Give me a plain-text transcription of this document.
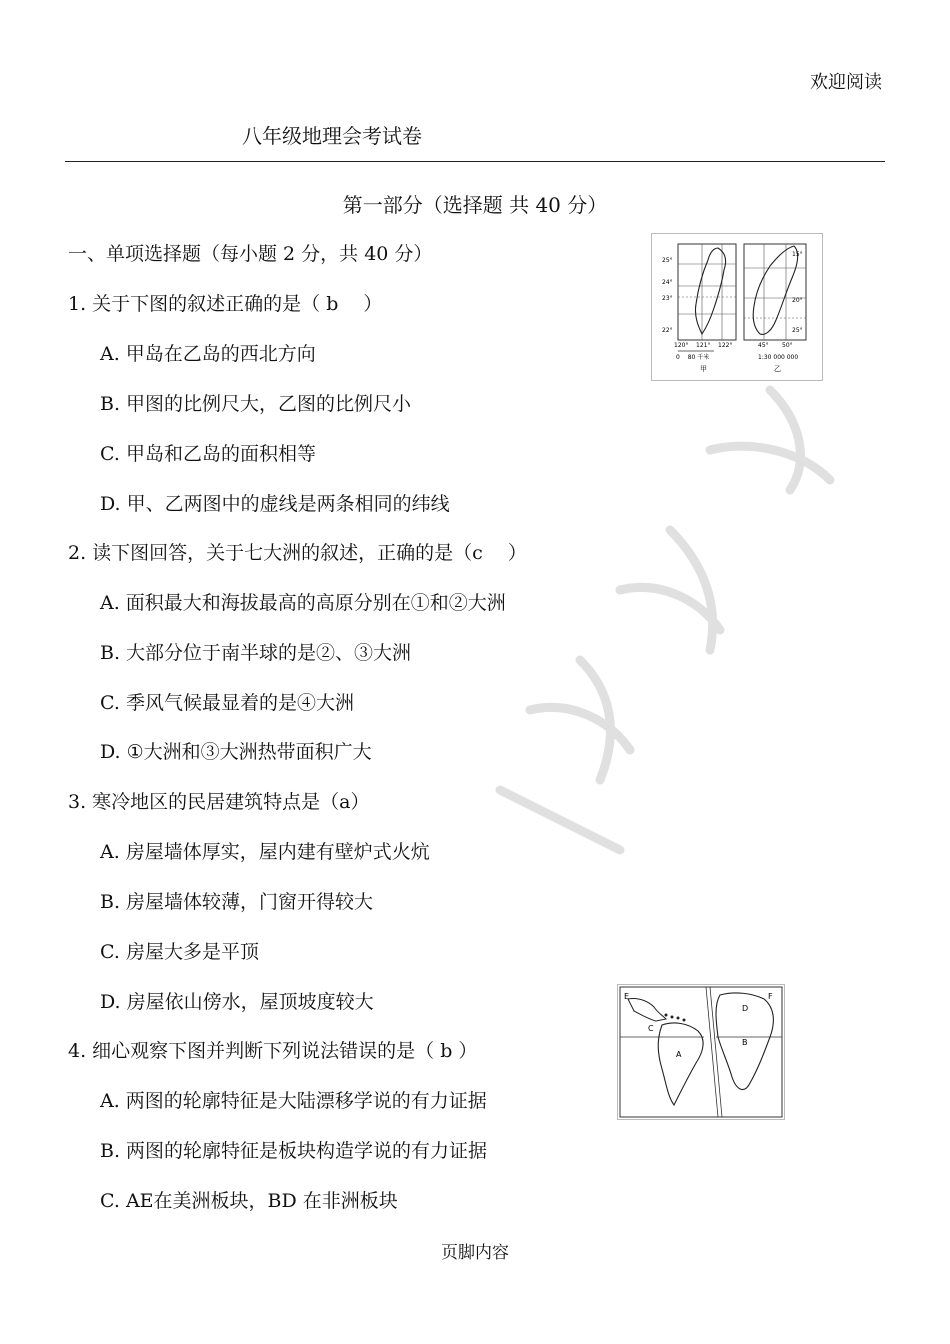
欢迎阅读
八年级地理会考试卷
第一部分（选择题 共 40 分）
一、单项选择题（每小题 2 分，共 40 分）
1. 关于下图的叙述正确的是（ b　 ）
A. 甲岛在乙岛的西北方向
B. 甲图的比例尺大，乙图的比例尺小
C. 甲岛和乙岛的面积相等
D. 甲、乙两图中的虚线是两条相同的纬线
2. 读下图回答，关于七大洲的叙述，正确的是（c　 ）
A. 面积最大和海拔最高的高原分别在①和②大洲
B. 大部分位于南半球的是②、③大洲
C. 季风气候最显着的是④大洲
D. ①大洲和③大洲热带面积广大
3. 寒冷地区的民居建筑特点是（a）
A. 房屋墙体厚实，屋内建有壁炉式火炕
B. 房屋墙体较薄，门窗开得较大
C. 房屋大多是平顶
D. 房屋依山傍水，屋顶坡度较大
4. 细心观察下图并判断下列说法错误的是（ b ）
A. 两图的轮廓特征是大陆漂移学说的有力证据
B. 两图的轮廓特征是板块构造学说的有力证据
C. AE在美洲板块，BD 在非洲板块
25°
24°
23°
22°
120° 121° 122°
0　 80 千米
甲
15°
20°
25°
45° 50°
1:30 000 000
乙
E
C
A
D
B
F
页脚内容
